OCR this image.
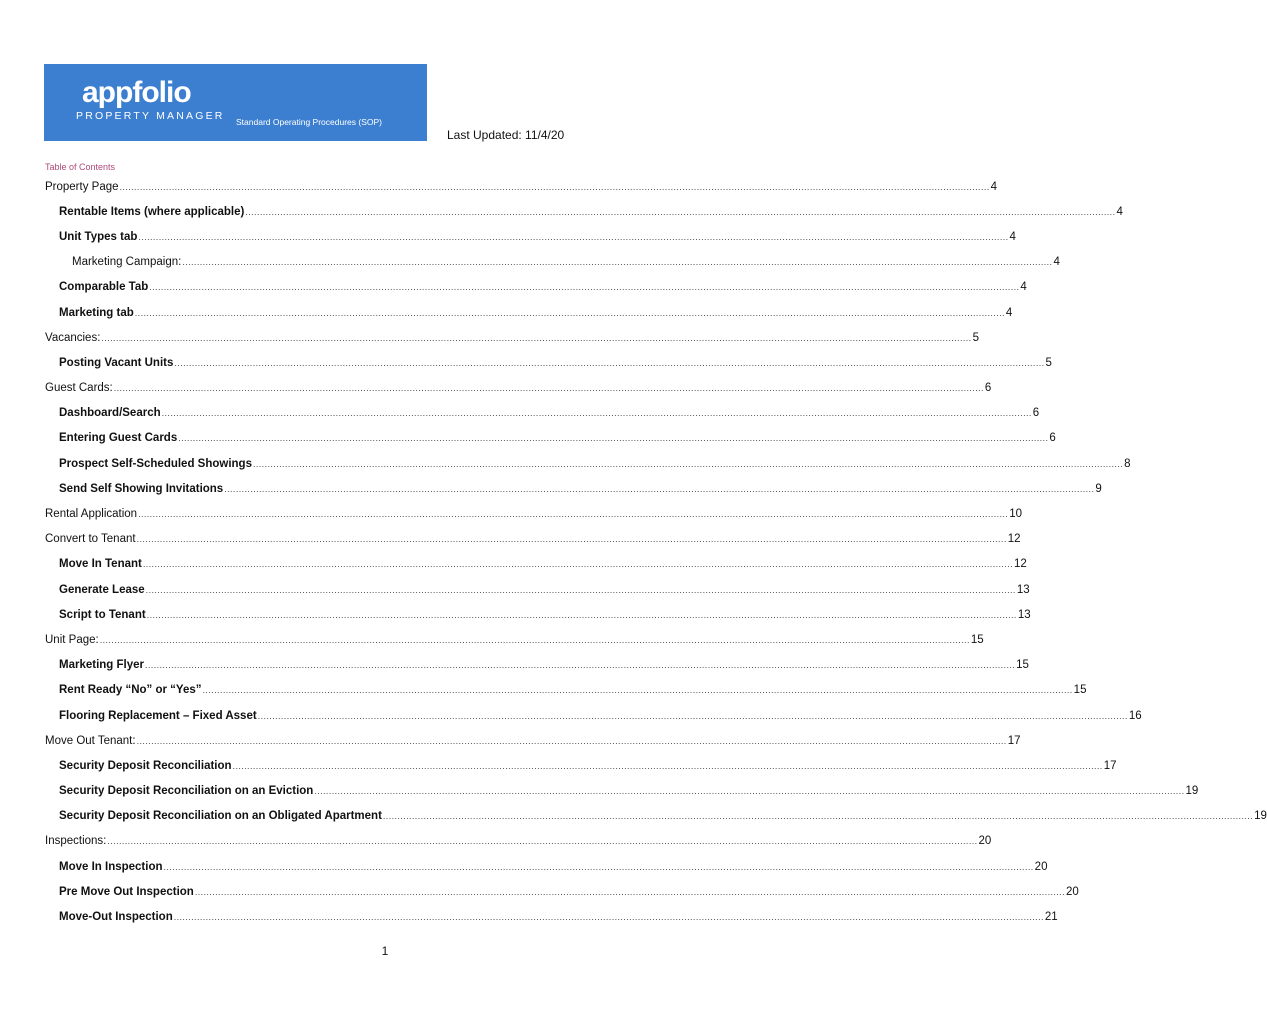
appfolio
PROPERTY MANAGER Standard Operating Procedures (SOP)
Last Updated: 11/4/20
Table of Contents
Property Page ............................................................................................................................................................................................................................................................................................................ 4
Rentable Items (where applicable) ............................................................................................................................................................................................................................................................................................................ 4
Unit Types tab ............................................................................................................................................................................................................................................................................................................ 4
Marketing Campaign: ............................................................................................................................................................................................................................................................................................................ 4
Comparable Tab ............................................................................................................................................................................................................................................................................................................ 4
Marketing tab ............................................................................................................................................................................................................................................................................................................ 4
Vacancies: ............................................................................................................................................................................................................................................................................................................ 5
Posting Vacant Units ............................................................................................................................................................................................................................................................................................................ 5
Guest Cards: ............................................................................................................................................................................................................................................................................................................ 6
Dashboard/Search ............................................................................................................................................................................................................................................................................................................ 6
Entering Guest Cards ............................................................................................................................................................................................................................................................................................................ 6
Prospect Self-Scheduled Showings ............................................................................................................................................................................................................................................................................................................ 8
Send Self Showing Invitations ............................................................................................................................................................................................................................................................................................................ 9
Rental Application ............................................................................................................................................................................................................................................................................................................ 10
Convert to Tenant ............................................................................................................................................................................................................................................................................................................ 12
Move In Tenant ............................................................................................................................................................................................................................................................................................................ 12
Generate Lease ............................................................................................................................................................................................................................................................................................................ 13
Script to Tenant ............................................................................................................................................................................................................................................................................................................ 13
Unit Page: ............................................................................................................................................................................................................................................................................................................ 15
Marketing Flyer ............................................................................................................................................................................................................................................................................................................ 15
Rent Ready “No” or “Yes” ............................................................................................................................................................................................................................................................................................................ 15
Flooring Replacement – Fixed Asset ............................................................................................................................................................................................................................................................................................................ 16
Move Out Tenant: ............................................................................................................................................................................................................................................................................................................ 17
Security Deposit Reconciliation ............................................................................................................................................................................................................................................................................................................ 17
Security Deposit Reconciliation on an Eviction ............................................................................................................................................................................................................................................................................................................ 19
Security Deposit Reconciliation on an Obligated Apartment ............................................................................................................................................................................................................................................................................................................ 19
Inspections: ............................................................................................................................................................................................................................................................................................................ 20
Move In Inspection ............................................................................................................................................................................................................................................................................................................ 20
Pre Move Out Inspection ............................................................................................................................................................................................................................................................................................................ 20
Move-Out Inspection ............................................................................................................................................................................................................................................................................................................ 21
1
